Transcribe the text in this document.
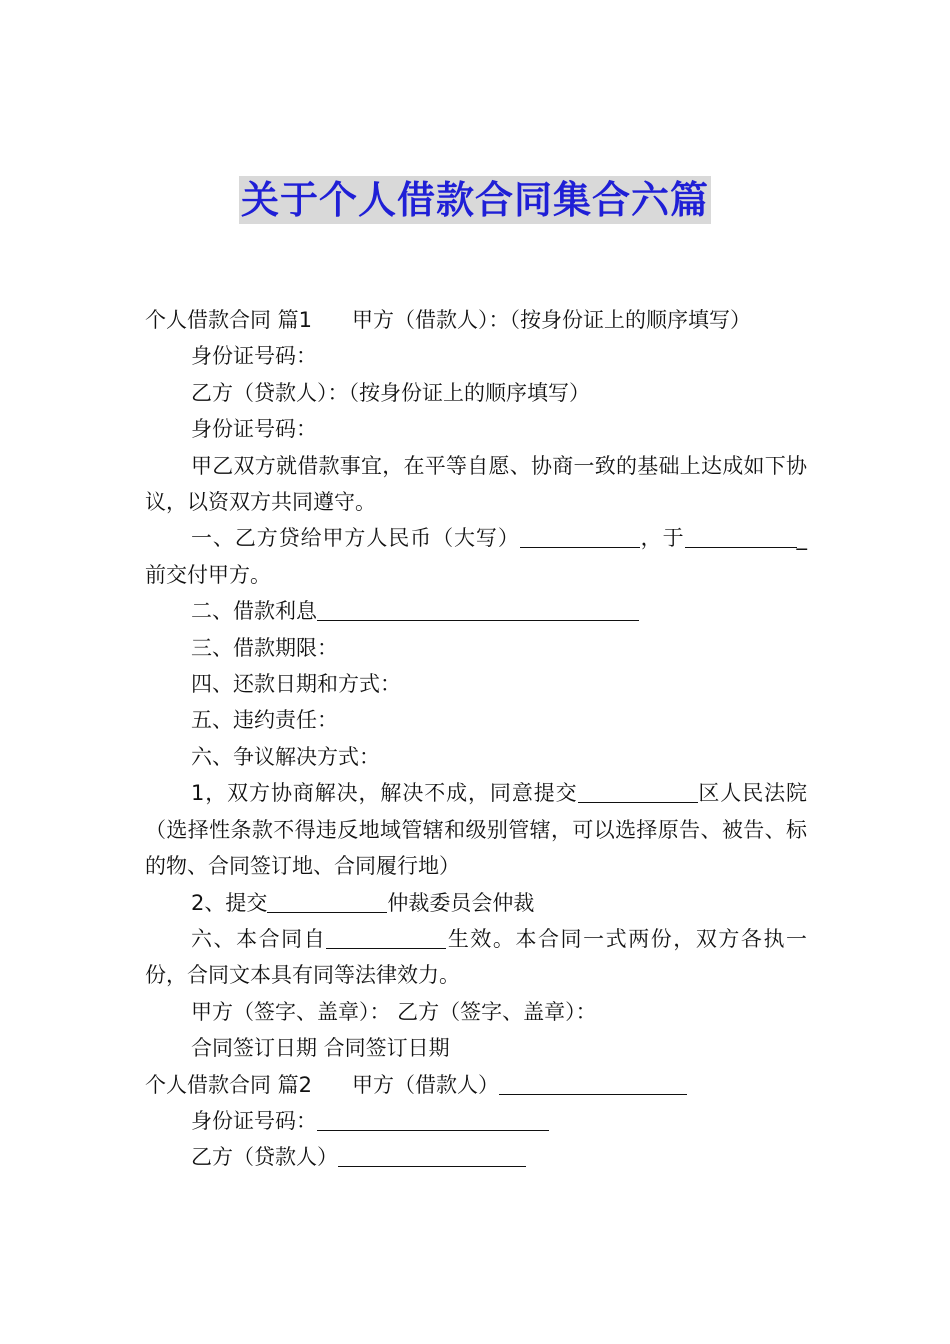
关于个人借款合同集合六篇

个人借款合同 篇1 甲方（借款人）：（按身份证上的顺序填写）

身份证号码：

乙方（贷款人）：（按身份证上的顺序填写）

身份证号码：

甲乙双方就借款事宜，在平等自愿、协商一致的基础上达成如下协议，以资双方共同遵守。

一、乙方贷给甲方人民币（大写）	，于	_前交付甲方。

二、借款利息

三、借款期限：

四、还款日期和方式：

五、违约责任：

六、争议解决方式：

1，双方协商解决，解决不成，同意提交	区人民法院（选择性条款不得违反地域管辖和级别管辖，可以选择原告、被告、标的物、合同签订地、合同履行地）

2、提交	仲裁委员会仲裁

六、本合同自	生效。本合同一式两份，双方各执一份，合同文本具有同等法律效力。

甲方（签字、盖章）： 乙方（签字、盖章）：

合同签订日期 合同签订日期

个人借款合同 篇2 甲方（借款人）

身份证号码：

乙方（贷款人）
